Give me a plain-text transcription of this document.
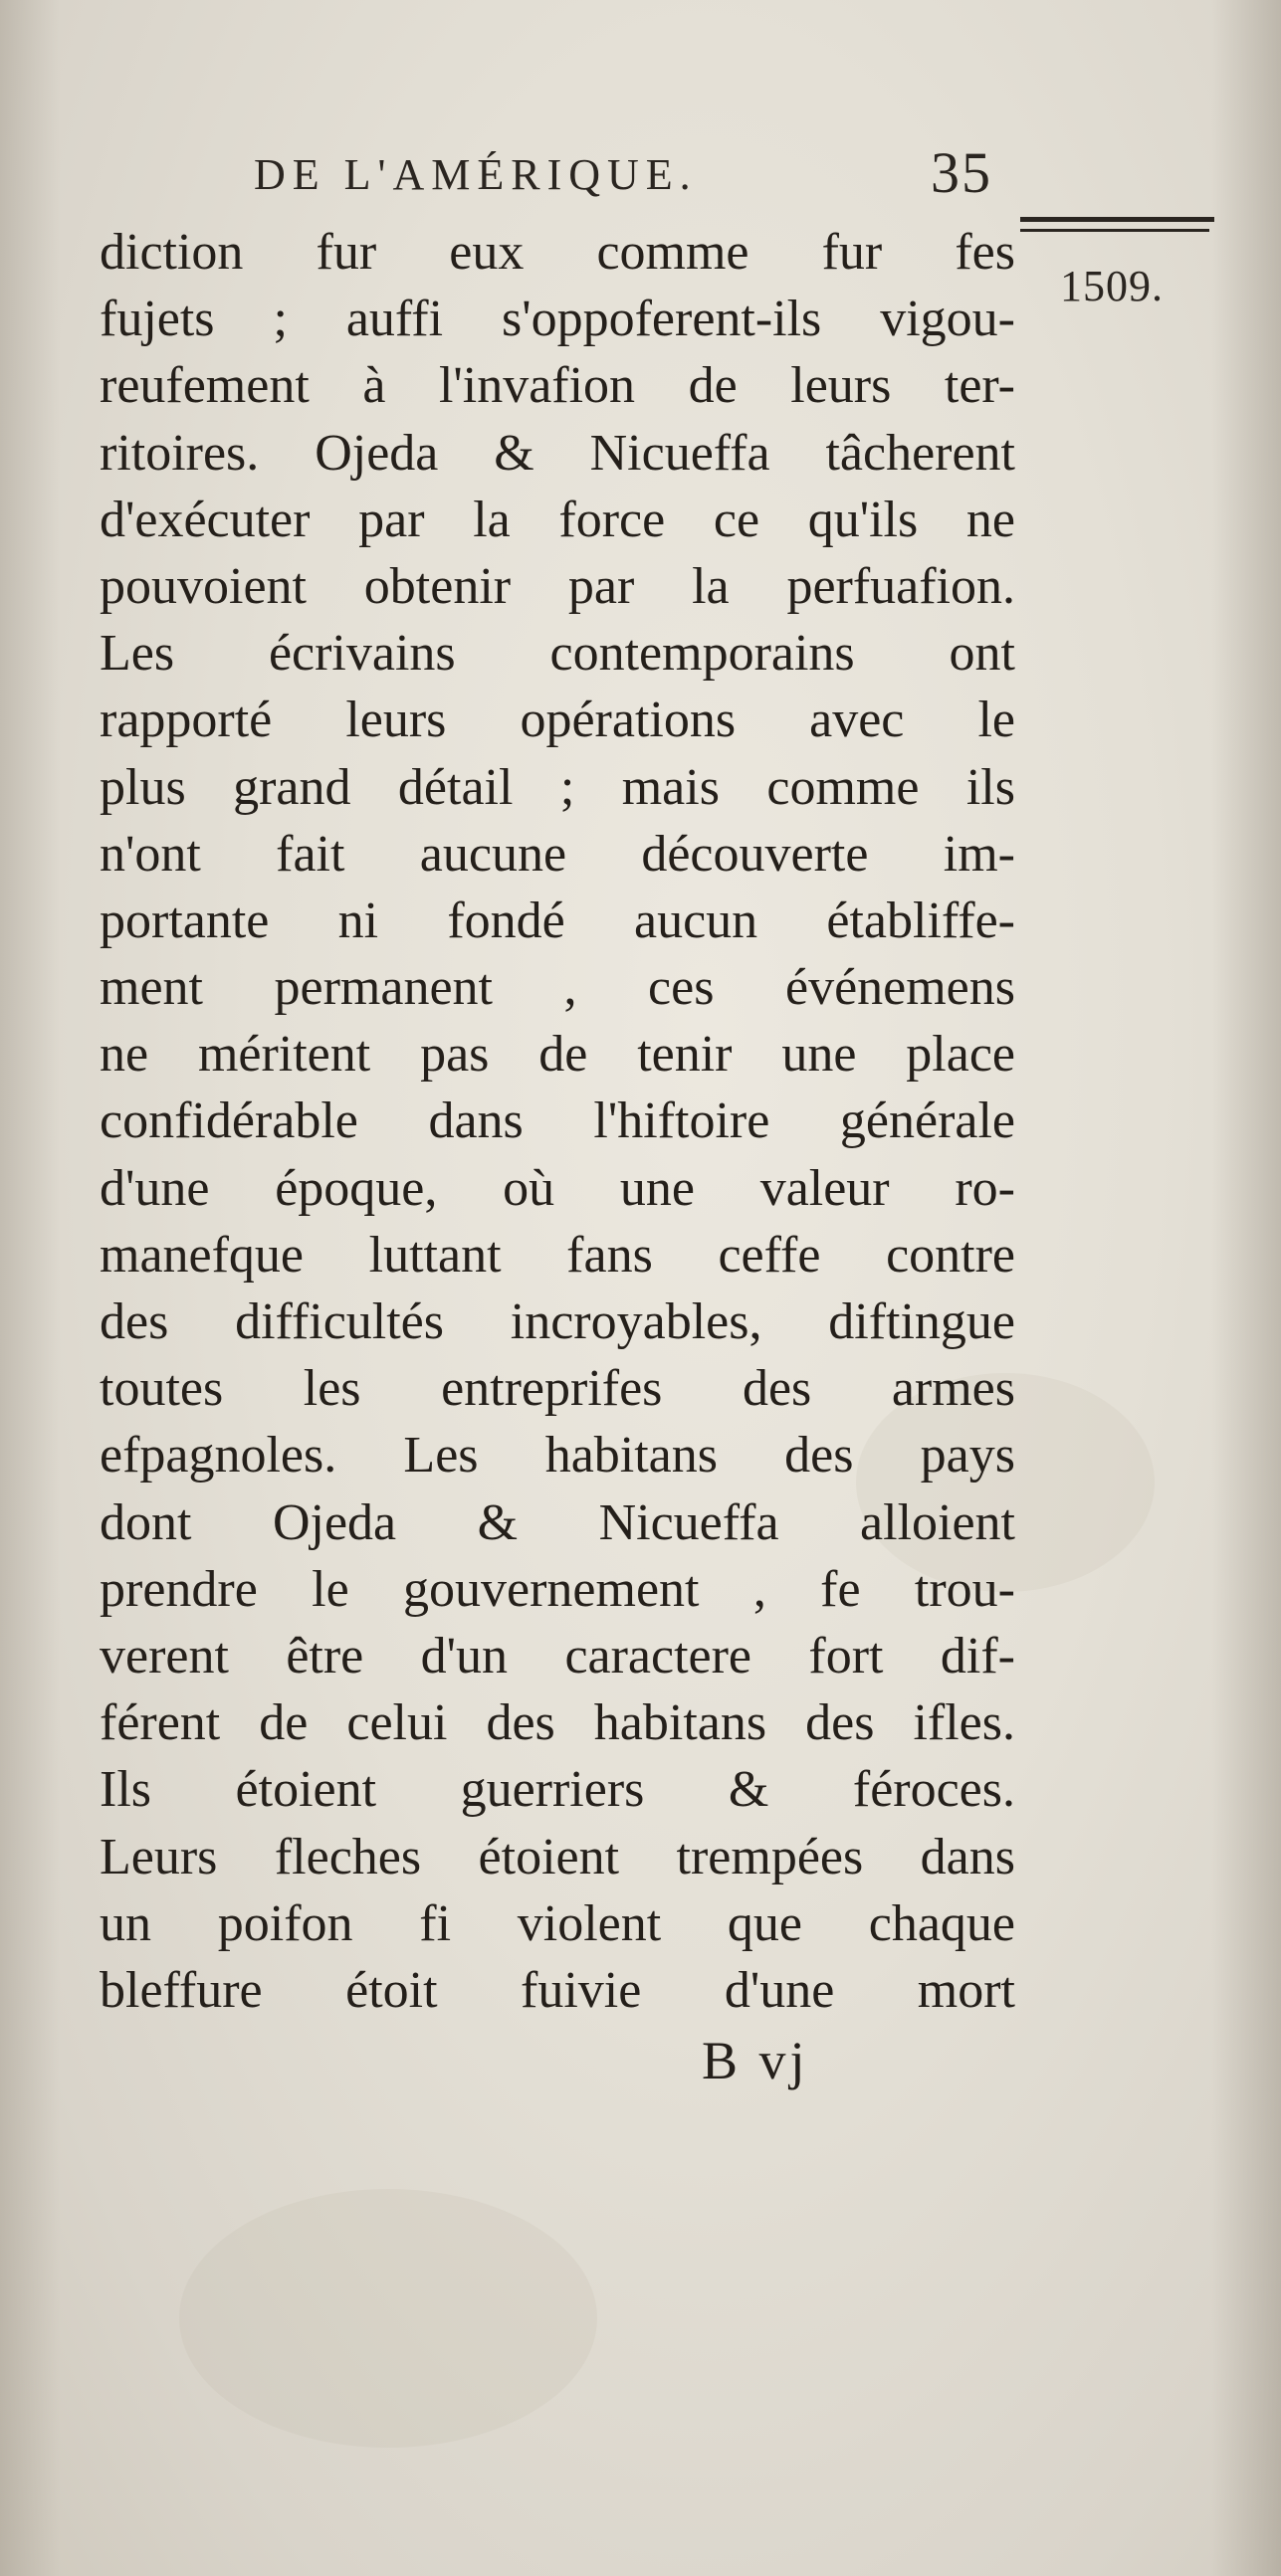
DE L'AMÉRIQUE.	35
1509.
diction fur eux comme fur fes
fujets ; auffi s'oppoferent-ils vigou-
reufement à l'invafion de leurs ter-
ritoires. Ojeda & Nicueffa tâcherent
d'exécuter par la force ce qu'ils ne
pouvoient obtenir par la perfuafion.
Les écrivains contemporains ont
rapporté leurs opérations avec le
plus grand détail ; mais comme ils
n'ont fait aucune découverte im-
portante ni fondé aucun établiffe-
ment permanent , ces événemens
ne méritent pas de tenir une place
confidérable dans l'hiftoire générale
d'une époque, où une valeur ro-
manefque luttant fans ceffe contre
des difficultés incroyables, diftingue
toutes les entreprifes des armes
efpagnoles. Les habitans des pays
dont Ojeda & Nicueffa alloient
prendre le gouvernement , fe trou-
verent être d'un caractere fort dif-
férent de celui des habitans des ifles.
Ils étoient guerriers & féroces.
Leurs fleches étoient trempées dans
un poifon fi violent que chaque
bleffure étoit fuivie d'une mort
B vj
